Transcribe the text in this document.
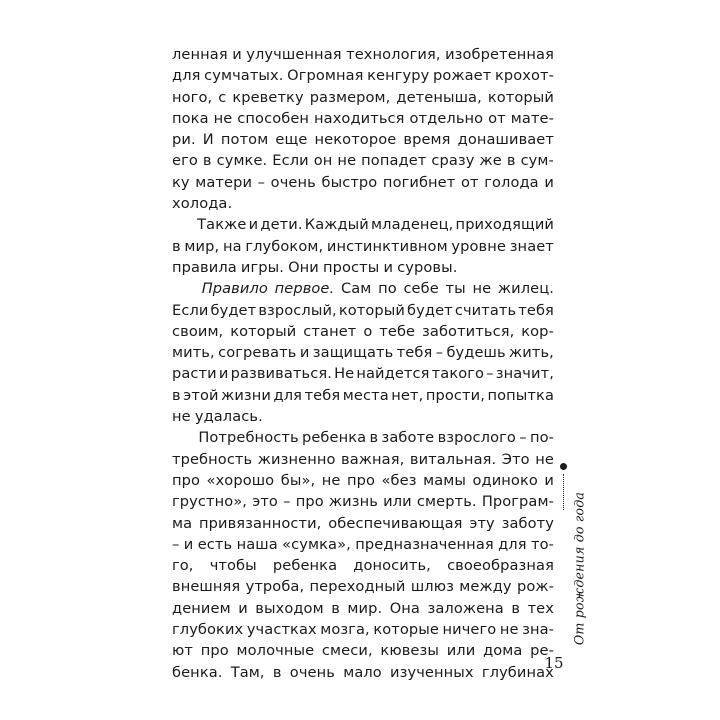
ленная и улучшенная технология, изобретенная
для сумчатых. Огромная кенгуру рожает крохот-
ного, с креветку размером, детеныша, который
пока не способен находиться отдельно от мате-
ри. И потом еще некоторое время донашивает
его в сумке. Если он не попадет сразу же в сум-
ку матери – очень быстро погибнет от голода и
холода.
Также и дети. Каждый младенец, приходящий
в мир, на глубоком, инстинктивном уровне знает
правила игры. Они просты и суровы.
Правило первое. Сам по себе ты не жилец.
Если будет взрослый, который будет считать тебя
своим, который станет о тебе заботиться, кор-
мить, согревать и защищать тебя – будешь жить,
расти и развиваться. Не найдется такого – значит,
в этой жизни для тебя места нет, прости, попытка
не удалась.
Потребность ребенка в заботе взрослого – по-
требность жизненно важная, витальная. Это не
про «хорошо бы», не про «без мамы одиноко и
грустно», это – про жизнь или смерть. Програм-
ма привязанности, обеспечивающая эту заботу
– и есть наша «сумка», предназначенная для то-
го, чтобы ребенка доносить, своеобразная
внешняя утроба, переходный шлюз между рож-
дением и выходом в мир. Она заложена в тех
глубоких участках мозга, которые ничего не зна-
ют про молочные смеси, кювезы или дома ре-
бенка. Там, в очень мало изученных глубинах
От рождения до года
15
